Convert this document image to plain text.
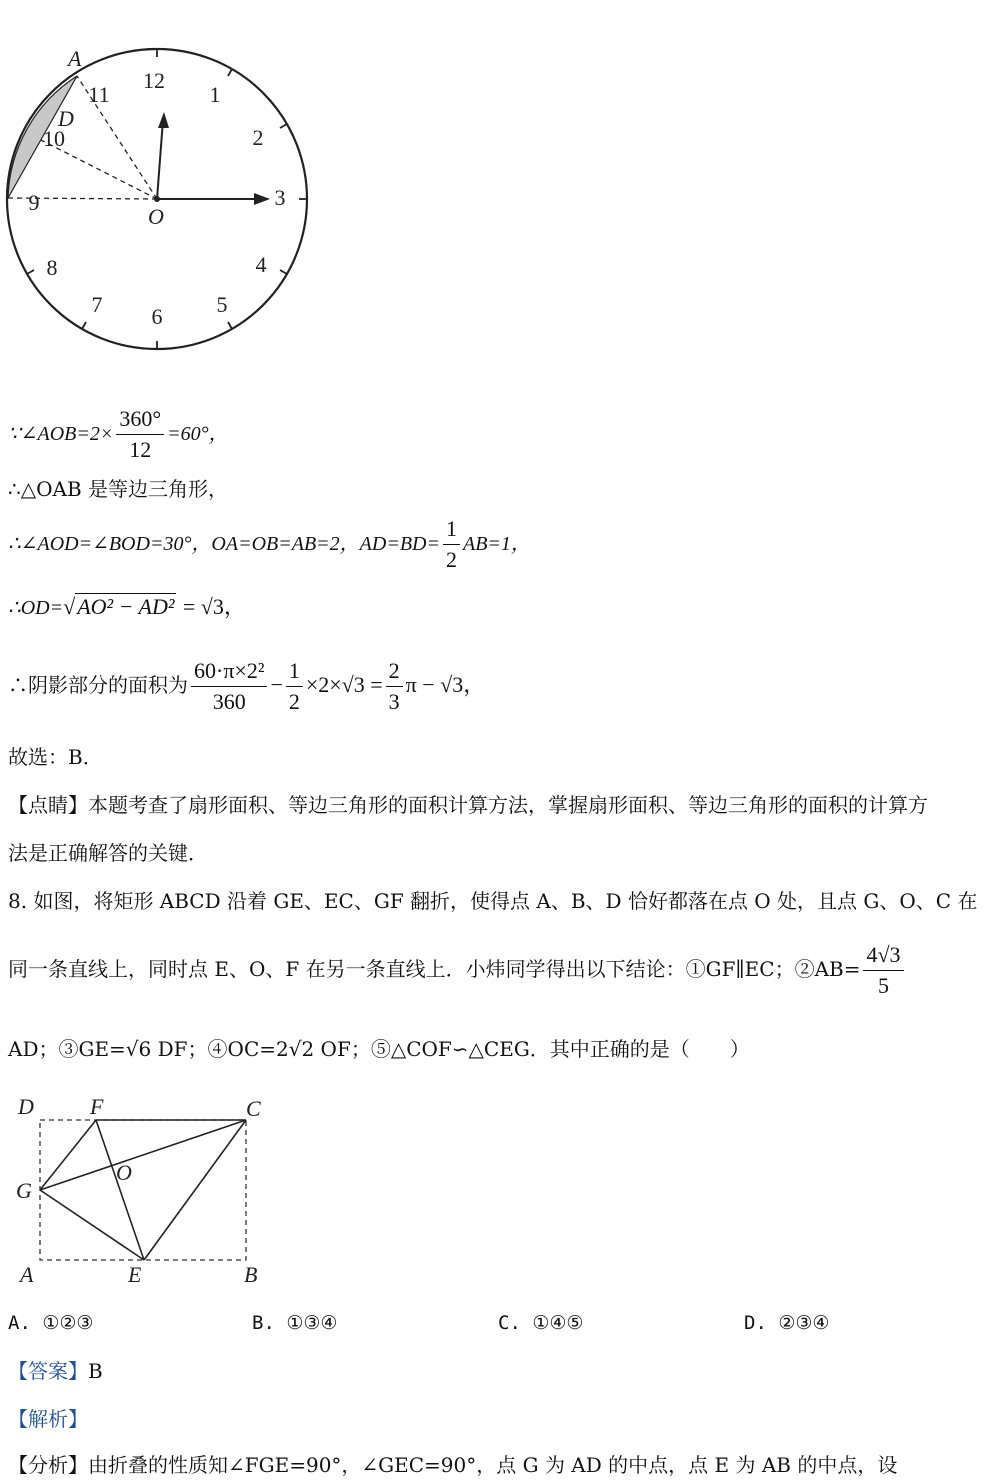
12
1
2
3
4
5
6
7
8
9
10
11
A
D
O
∵∠AOB=2× $\frac{360^\circ}{12} =60^\circ$，
∴△OAB 是等边三角形，
∴∠AOD=∠BOD=30°，OA=OB=AB=2，$AD=BD= \frac{1}{2} AB=1$，
∴OD=√AO² − AD² = √3，
∴阴影部分的面积为 $\frac{\text{60·π×2²}}{360} - \frac{1}{2} \times 2\times√3 = \frac{2}{3}$ π − √3，
故选：B．
【点睛】本题考查了扇形面积、等边三角形的面积计算方法，掌握扇形面积、等边三角形的面积的计算方
法是正确解答的关键．
8. 如图，将矩形 ABCD 沿着 GE、EC、GF 翻折，使得点 A、B、D 恰好都落在点 O 处，且点 G、O、C 在
同一条直线上，同时点 E、O、F 在另一条直线上．小炜同学得出以下结论：①GF∥EC；②AB= $\frac{4√3}{5}$
AD；③GE=√6 DF；④OC=2√2 OF；⑤△COF∽△CEG．其中正确的是（　　）
D	F	C
G
O
A	E	B
A. ①②③	B. ①③④	C. ①④⑤	D. ②③④
【答案】B
【解析】
【分析】由折叠的性质知∠FGE=90°，∠GEC=90°，点 G 为 AD 的中点，点 E 为 AB 的中点，设
